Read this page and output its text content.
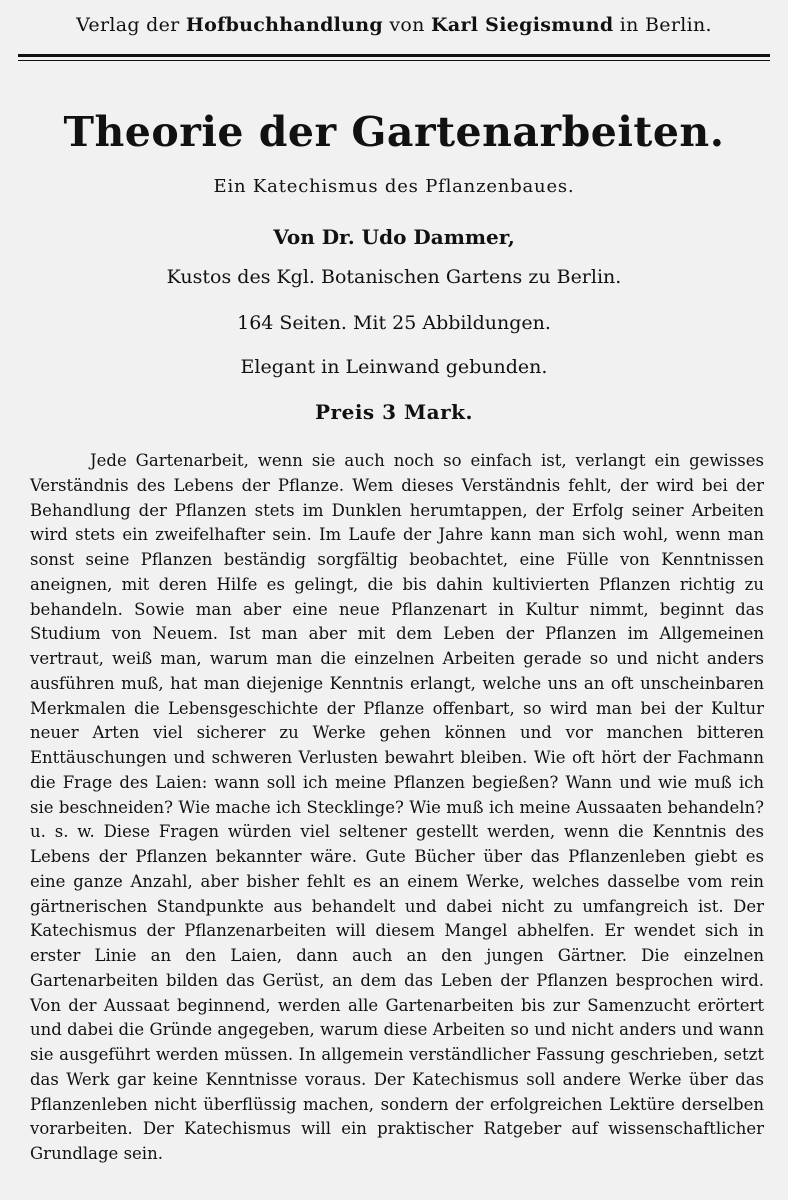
Verlag der Hofbuchhandlung von Karl Siegismund in Berlin.
Theorie der Gartenarbeiten.
Ein Katechismus des Pflanzenbaues.
Von Dr. Udo Dammer,
Kustos des Kgl. Botanischen Gartens zu Berlin.
164 Seiten. Mit 25 Abbildungen.
Elegant in Leinwand gebunden.
Preis 3 Mark.

Jede Gartenarbeit, wenn sie auch noch so einfach ist, verlangt ein gewisses Verständnis des Lebens der Pflanze. Wem dieses Verständnis fehlt, der wird bei der Behandlung der Pflanzen stets im Dunklen herumtappen, der Erfolg seiner Arbeiten wird stets ein zweifelhafter sein. Im Laufe der Jahre kann man sich wohl, wenn man sonst seine Pflanzen beständig sorgfältig beobachtet, eine Fülle von Kenntnissen aneignen, mit deren Hilfe es gelingt, die bis dahin kultivierten Pflanzen richtig zu behandeln. Sowie man aber eine neue Pflanzenart in Kultur nimmt, beginnt das Studium von Neuem. Ist man aber mit dem Leben der Pflanzen im Allgemeinen vertraut, weiß man, warum man die einzelnen Arbeiten gerade so und nicht anders ausführen muß, hat man diejenige Kenntnis erlangt, welche uns an oft unscheinbaren Merkmalen die Lebensgeschichte der Pflanze offenbart, so wird man bei der Kultur neuer Arten viel sicherer zu Werke gehen können und vor manchen bitteren Enttäuschungen und schweren Verlusten bewahrt bleiben. Wie oft hört der Fachmann die Frage des Laien: wann soll ich meine Pflanzen begießen? Wann und wie muß ich sie beschneiden? Wie mache ich Stecklinge? Wie muß ich meine Aussaaten behandeln? u. s. w. Diese Fragen würden viel seltener gestellt werden, wenn die Kenntnis des Lebens der Pflanzen bekannter wäre. Gute Bücher über das Pflanzenleben giebt es eine ganze Anzahl, aber bisher fehlt es an einem Werke, welches dasselbe vom rein gärtnerischen Standpunkte aus behandelt und dabei nicht zu umfangreich ist. Der Katechismus der Pflanzenarbeiten will diesem Mangel abhelfen. Er wendet sich in erster Linie an den Laien, dann auch an den jungen Gärtner. Die einzelnen Gartenarbeiten bilden das Gerüst, an dem das Leben der Pflanzen besprochen wird. Von der Aussaat beginnend, werden alle Gartenarbeiten bis zur Samenzucht erörtert und dabei die Gründe angegeben, warum diese Arbeiten so und nicht anders und wann sie ausgeführt werden müssen. In allgemein verständlicher Fassung geschrieben, setzt das Werk gar keine Kenntnisse voraus. Der Katechismus soll andere Werke über das Pflanzenleben nicht überflüssig machen, sondern der erfolgreichen Lektüre derselben vorarbeiten. Der Katechismus will ein praktischer Ratgeber auf wissenschaftlicher Grundlage sein.
